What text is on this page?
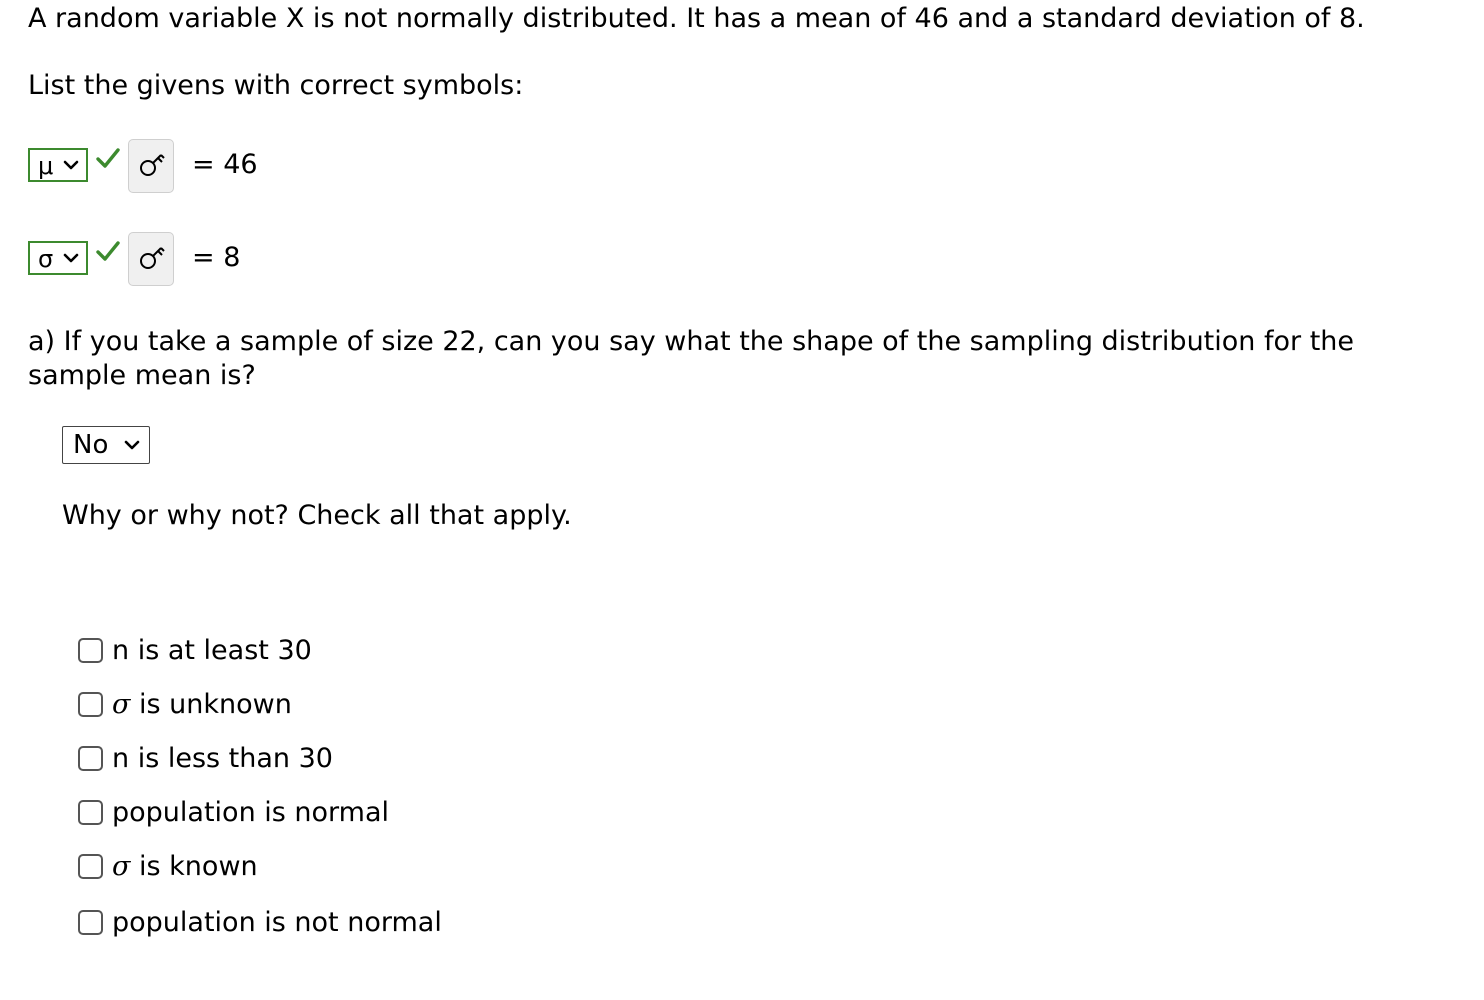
A random variable X is not normally distributed. It has a mean of 46 and a standard deviation of 8.
List the givens with correct symbols:
μ	= 46
σ	= 8
a) If you take a sample of size 22, can you say what the shape of the sampling distribution for the sample mean is?
No
Why or why not? Check all that apply.
n is at least 30
σ is unknown
n is less than 30
population is normal
σ is known
population is not normal
